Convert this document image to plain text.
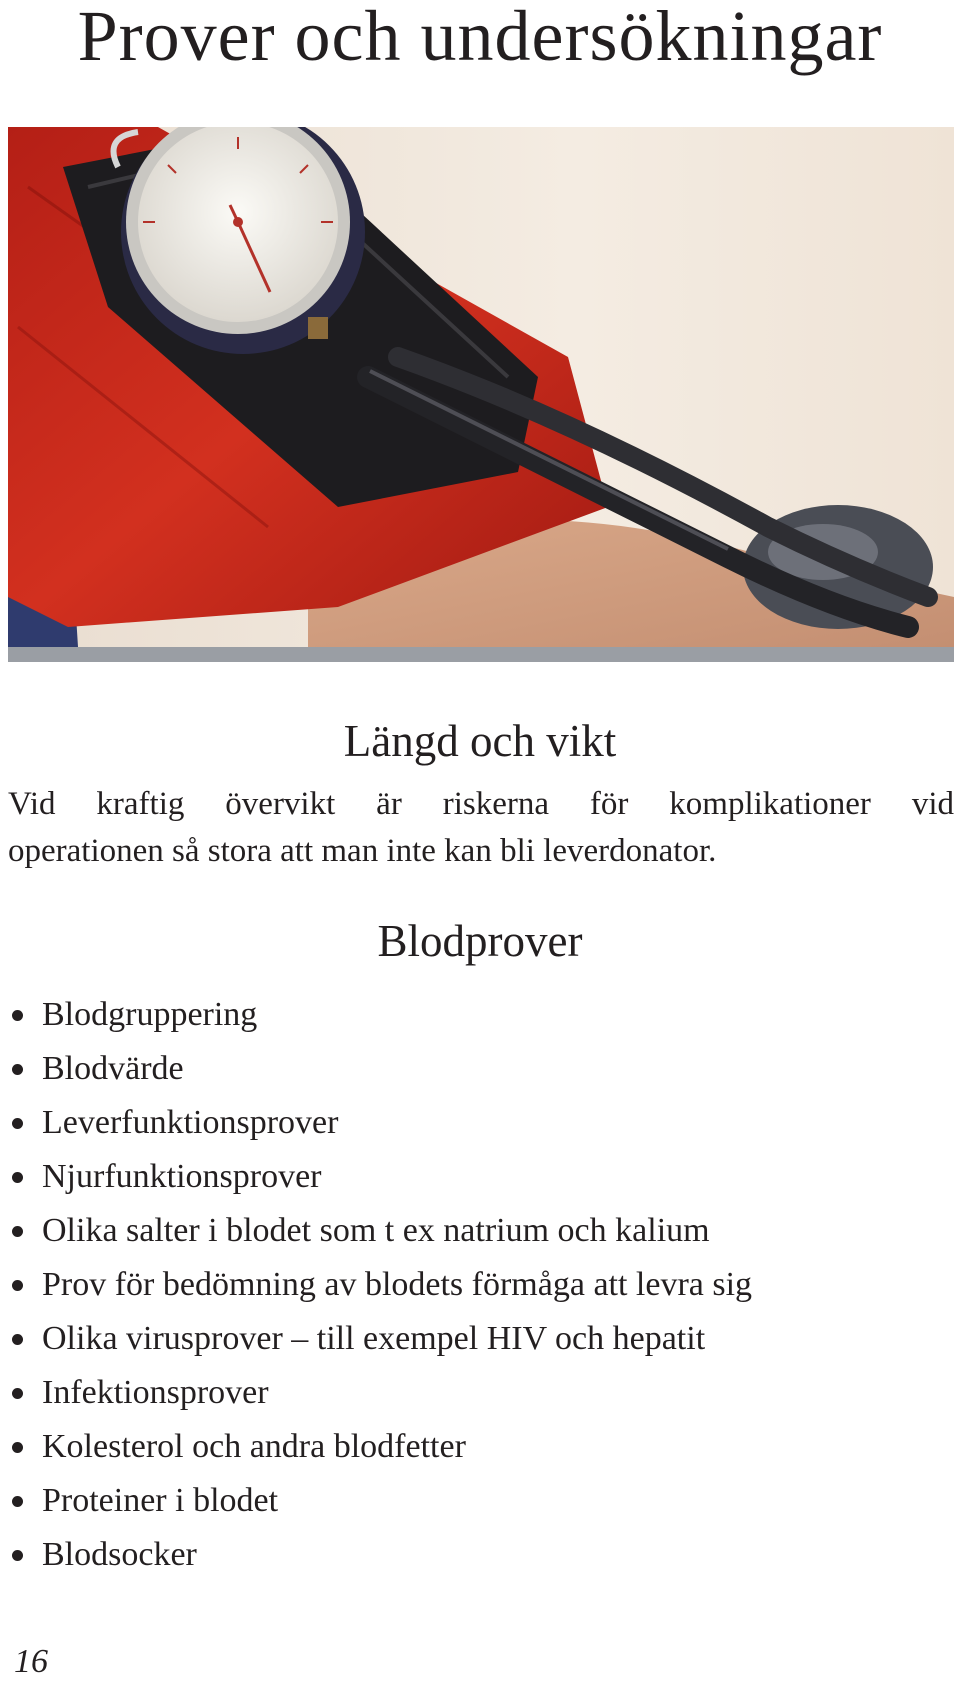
Prover och undersökningar
Längd och vikt

Vid kraftig övervikt är riskerna för komplikationer vid
operationen så stora att man inte kan bli leverdonator.

Blodprover
Blodgruppering
Blodvärde
Leverfunktionsprover
Njurfunktionsprover
Olika salter i blodet som t ex natrium och kalium
Prov för bedömning av blodets förmåga att levra sig
Olika virusprover – till exempel HIV och hepatit
Infektionsprover
Kolesterol och andra blodfetter
Proteiner i blodet
Blodsocker

16
